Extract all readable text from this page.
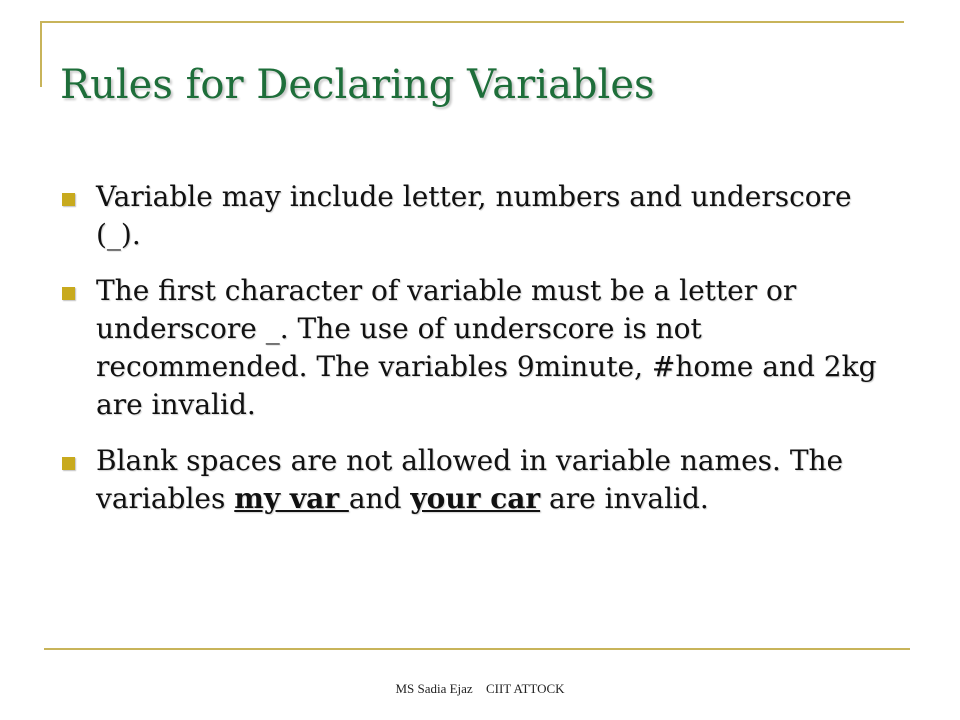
Rules for Declaring Variables
Variable may include letter, numbers and underscore (_).
The first character of variable must be a letter or underscore _. The use of underscore is not recommended. The variables 9minute, #home and 2kg are invalid.
Blank spaces are not allowed in variable names. The variables my var and your car are invalid.
MS Sadia Ejaz CIIT ATTOCK
